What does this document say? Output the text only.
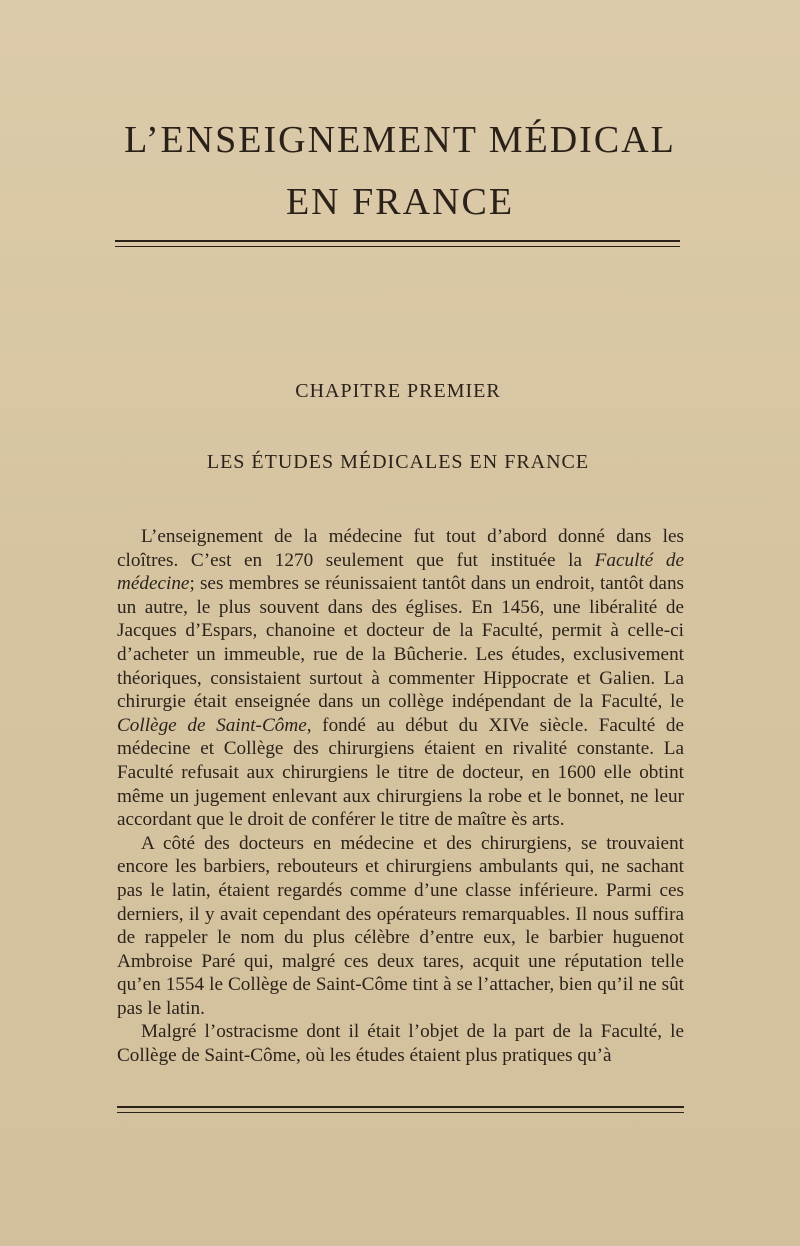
L’ENSEIGNEMENT MÉDICAL
EN FRANCE
CHAPITRE PREMIER
LES ÉTUDES MÉDICALES EN FRANCE

L’enseignement de la médecine fut tout d’abord donné dans les cloîtres. C’est en 1270 seulement que fut instituée la Faculté de médecine; ses membres se réunissaient tantôt dans un endroit, tantôt dans un autre, le plus souvent dans des églises. En 1456, une libéralité de Jacques d’Espars, chanoine et docteur de la Faculté, permit à celle-ci d’acheter un immeuble, rue de la Bûcherie. Les études, exclusivement théoriques, consistaient surtout à commenter Hippocrate et Galien. La chirurgie était enseignée dans un collège indépendant de la Faculté, le Collège de Saint-Côme, fondé au début du XIVe siècle. Faculté de médecine et Collège des chirurgiens étaient en rivalité constante. La Faculté refusait aux chirurgiens le titre de docteur, en 1600 elle obtint même un jugement enlevant aux chirurgiens la robe et le bonnet, ne leur accordant que le droit de conférer le titre de maître ès arts.

A côté des docteurs en médecine et des chirurgiens, se trouvaient encore les barbiers, rebouteurs et chirurgiens ambulants qui, ne sachant pas le latin, étaient regardés comme d’une classe inférieure. Parmi ces derniers, il y avait cependant des opérateurs remarquables. Il nous suffira de rappeler le nom du plus célèbre d’entre eux, le barbier huguenot Ambroise Paré qui, malgré ces deux tares, acquit une réputation telle qu’en 1554 le Collège de Saint-Côme tint à se l’attacher, bien qu’il ne sût pas le latin.

Malgré l’ostracisme dont il était l’objet de la part de la Faculté, le Collège de Saint-Côme, où les études étaient plus pratiques qu’à
